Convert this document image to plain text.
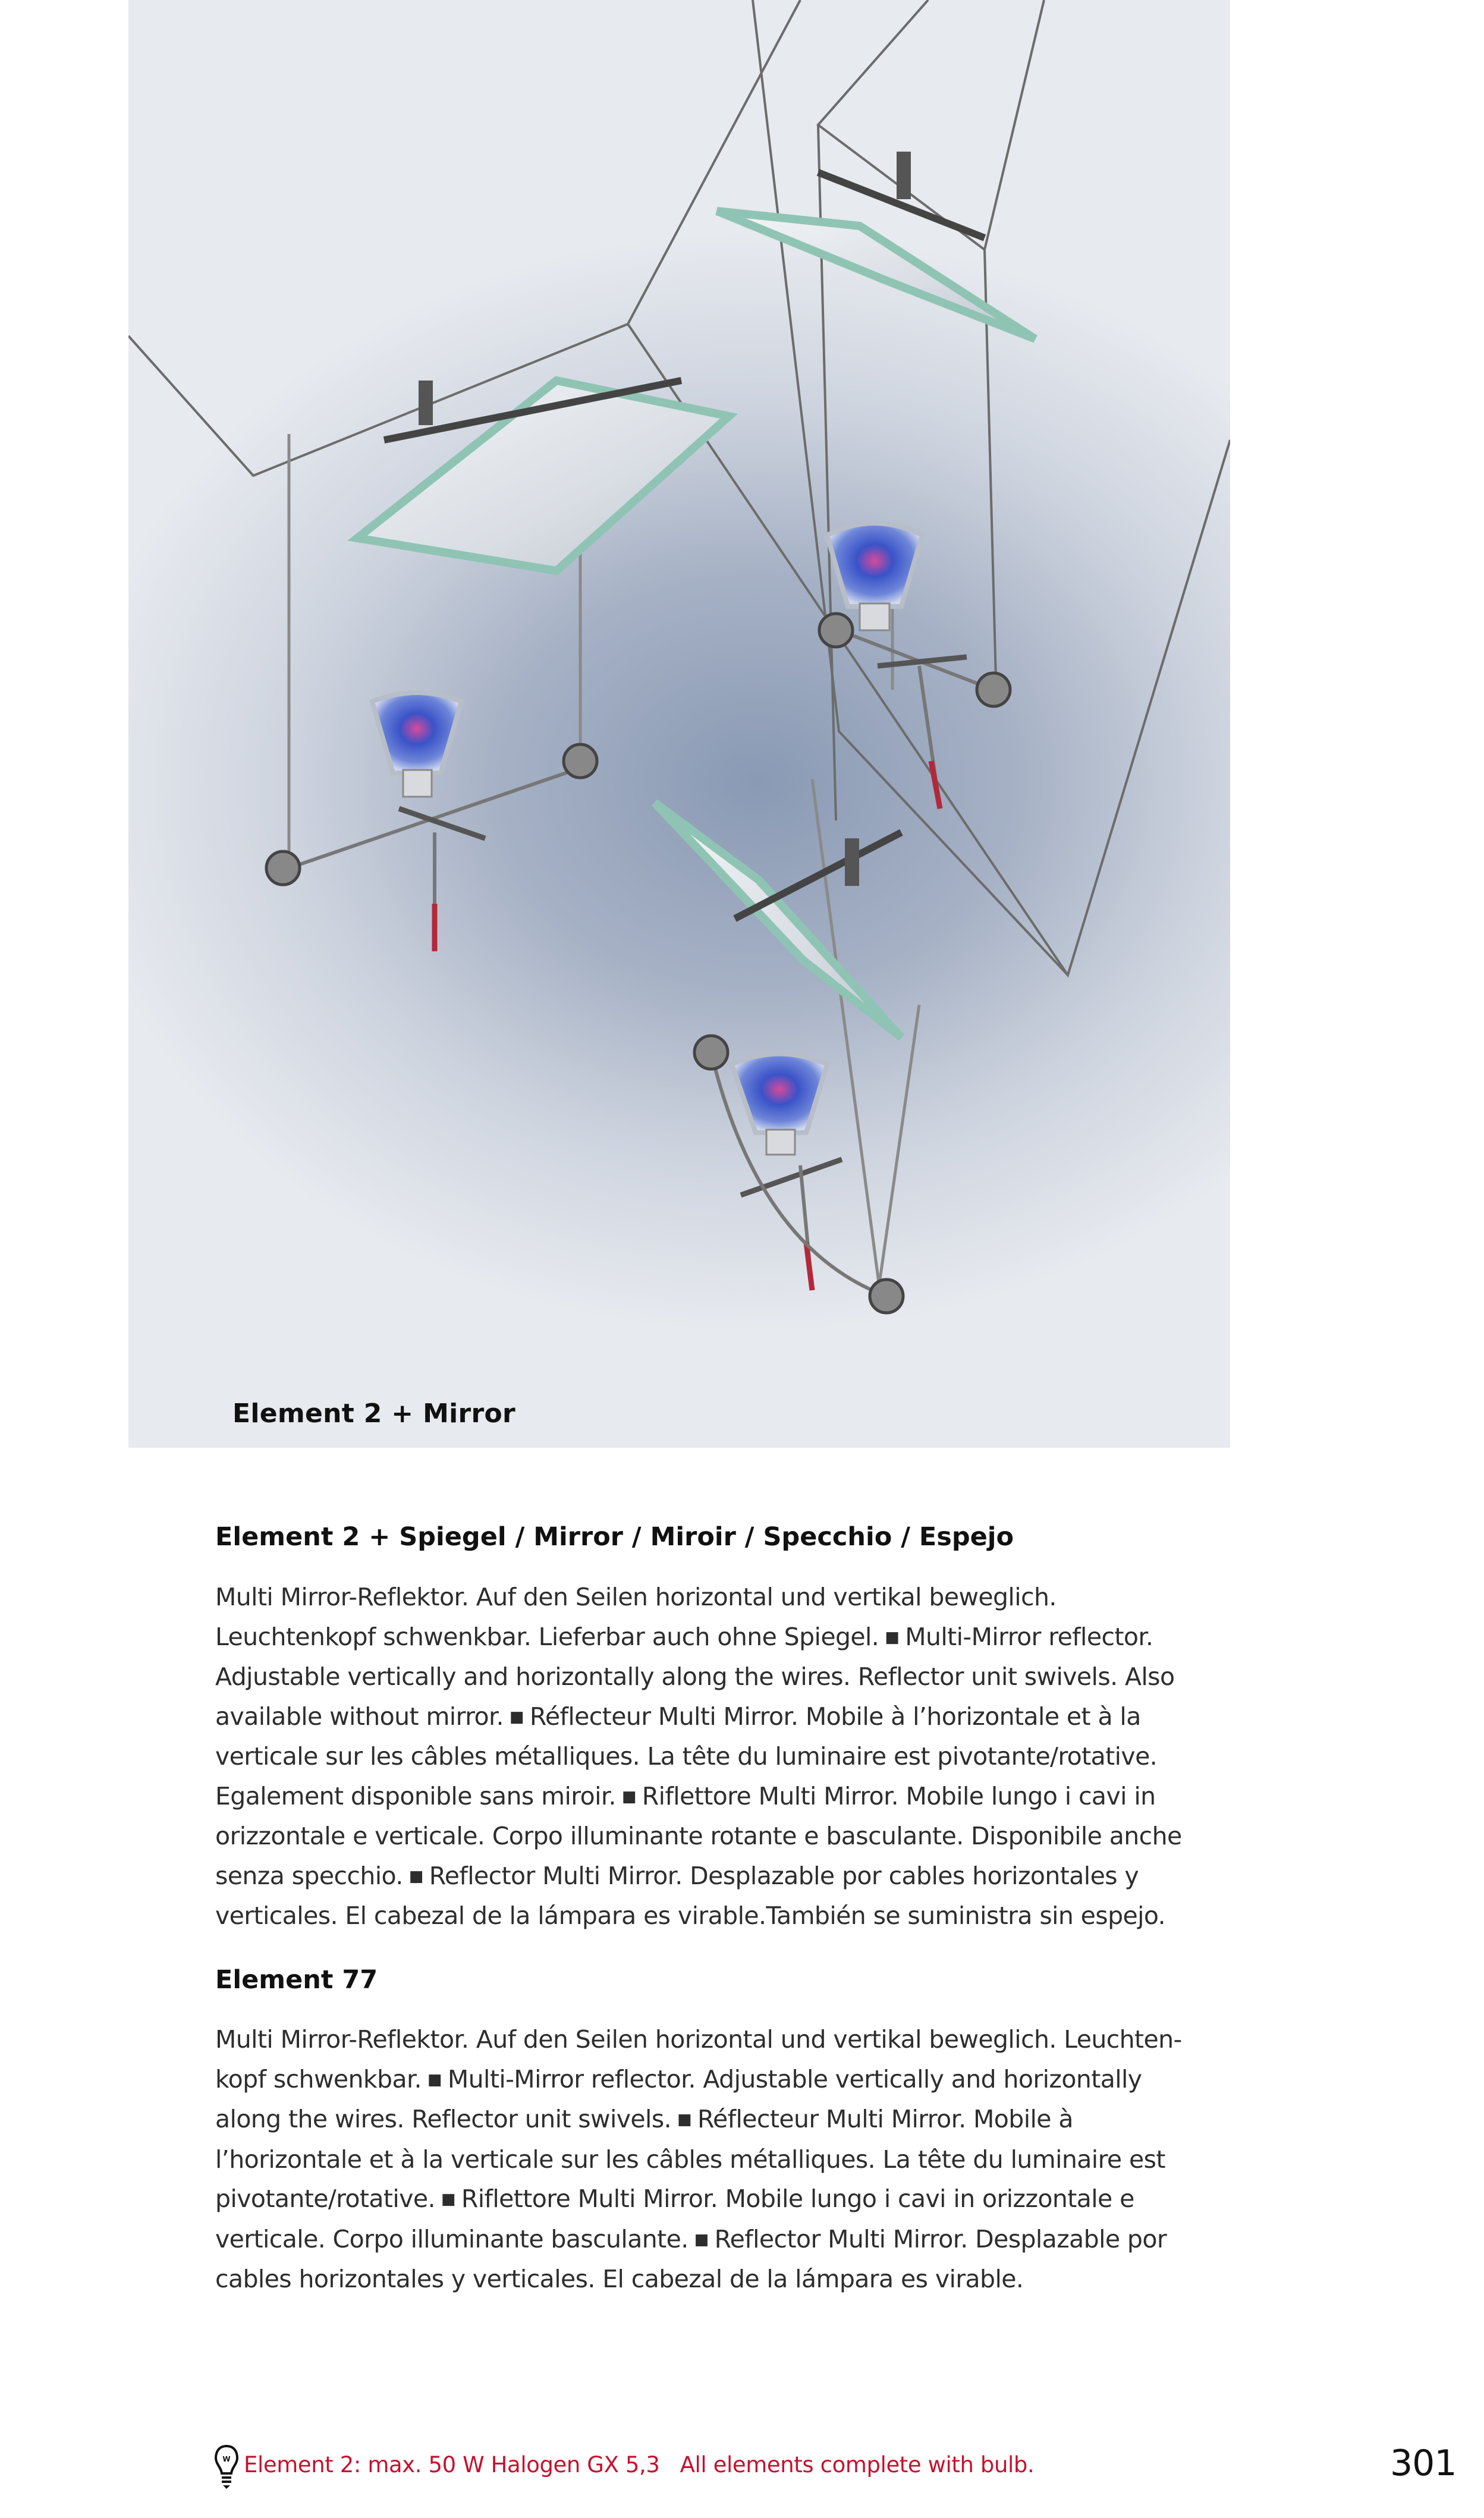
Element 2 + Mirror
Element 2 + Spiegel / Mirror / Miroir / Specchio / Espejo
Multi Mirror-Reflektor. Auf den Seilen horizontal und vertikal beweglich. Leuchtenkopf schwenkbar. Lieferbar auch ohne Spiegel. ■ Multi-Mirror reflector. Adjustable vertically and horizontally along the wires. Reflector unit swivels. Also available without mirror. ■ Réflecteur Multi Mirror. Mobile à l’horizontale et à la verticale sur les câbles métalliques. La tête du luminaire est pivotante/rotative. Egalement disponible sans miroir. ■ Riflettore Multi Mirror. Mobile lungo i cavi in orizzontale e verticale. Corpo illuminante rotante e basculante. Disponibile anche senza specchio. ■ Reflector Multi Mirror. Desplazable por cables horizontales y verticales. El cabezal de la lámpara es virable.También se suministra sin espejo.
Element 77
Multi Mirror-Reflektor. Auf den Seilen horizontal und vertikal beweglich. Leuchtenkopf schwenkbar. ■ Multi-Mirror reflector. Adjustable vertically and horizontally along the wires. Reflector unit swivels. ■ Réflecteur Multi Mirror. Mobile à l’horizontale et à la verticale sur les câbles métalliques. La tête du luminaire est pivotante/rotative. ■ Riflettore Multi Mirror. Mobile lungo i cavi in orizzontale e verticale. Corpo illuminante basculante. ■ Reflector Multi Mirror. Desplazable por cables horizontales y verticales. El cabezal de la lámpara es virable.
W Element 2: max. 50 W Halogen GX 5,3   All elements complete with bulb.	301
